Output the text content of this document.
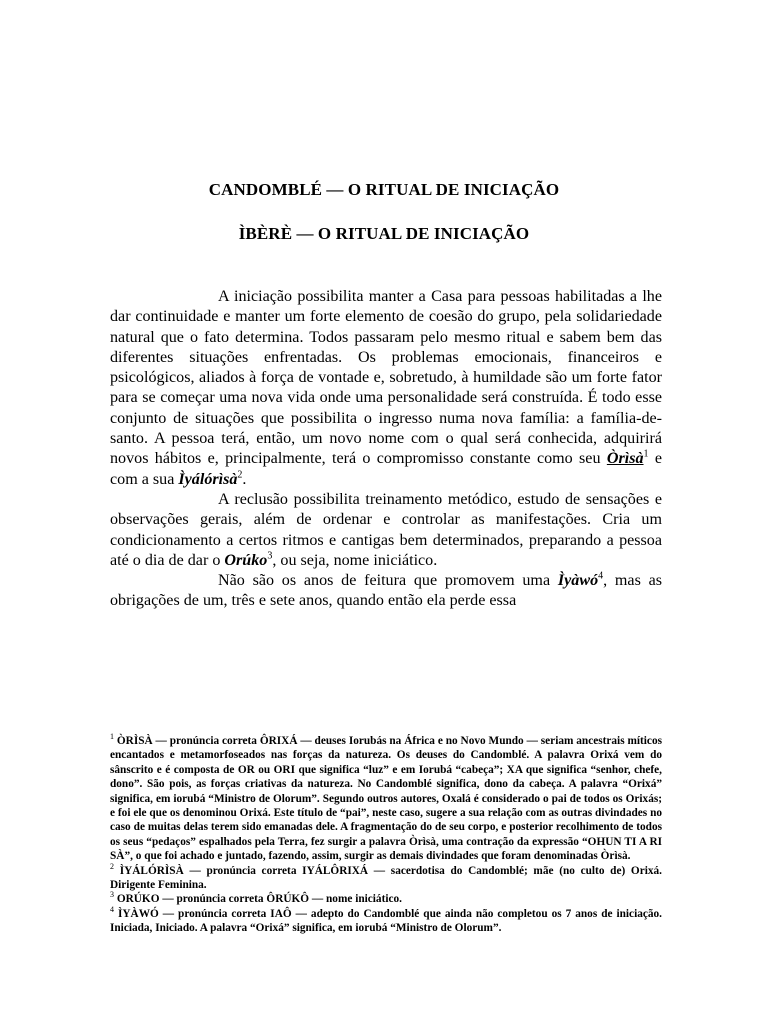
CANDOMBLÉ — O RITUAL DE INICIAÇÃO
ÌBÈRÈ — O RITUAL DE INICIAÇÃO

A iniciação possibilita manter a Casa para pessoas habilitadas a lhe dar continuidade e manter um forte elemento de coesão do grupo, pela solidariedade natural que o fato determina. Todos passaram pelo mesmo ritual e sabem bem das diferentes situações enfrentadas. Os problemas emocionais, financeiros e psicológicos, aliados à força de vontade e, sobretudo, à humildade são um forte fator para se começar uma nova vida onde uma personalidade será construída. É todo esse conjunto de situações que possibilita o ingresso numa nova família: a família-de-santo. A pessoa terá, então, um novo nome com o qual será conhecida, adquirirá novos hábitos e, principalmente, terá o compromisso constante como seu Òrìsà$^1$ e com a sua Ìyálórìsà$^2$.

A reclusão possibilita treinamento metódico, estudo de sensações e observações gerais, além de ordenar e controlar as manifestações. Cria um condicionamento a certos ritmos e cantigas bem determinados, preparando a pessoa até o dia de dar o Orúko$^3$, ou seja, nome iniciático.

Não são os anos de feitura que promovem uma Ìyàwó$^4$, mas as obrigações de um, três e sete anos, quando então ela perde essa

$^1$ ÒRÌSÀ — pronúncia correta ÔRIXÁ — deuses Iorubás na África e no Novo Mundo — seriam ancestrais míticos encantados e metamorfoseados nas forças da natureza. Os deuses do Candomblé. A palavra Orixá vem do sânscrito e é composta de OR ou ORI que significa “luz” e em Iorubá “cabeça”; XA que significa “senhor, chefe, dono”. São pois, as forças criativas da natureza. No Candomblé significa, dono da cabeça. A palavra “Orixá” significa, em iorubá “Ministro de Olorum”. Segundo outros autores, Oxalá é considerado o pai de todos os Orixás; e foi ele que os denominou Orixá. Este título de “pai”, neste caso, sugere a sua relação com as outras divindades no caso de muitas delas terem sido emanadas dele. A fragmentação do de seu corpo, e posterior recolhimento de todos os seus “pedaços” espalhados pela Terra, fez surgir a palavra Òrìsà, uma contração da expressão “OHUN TI A RI SÀ”, o que foi achado e juntado, fazendo, assim, surgir as demais divindades que foram denominadas Òrìsà.

$^2$ ÌYÁLÓRÌSÀ — pronúncia correta IYÁLÔRIXÁ — sacerdotisa do Candomblé; mãe (no culto de) Orixá. Dirigente Feminina.

$^3$ ORÚKO — pronúncia correta ÔRÚKÔ — nome iniciático.

$^4$ ÌYÀWÓ — pronúncia correta IAÔ — adepto do Candomblé que ainda não completou os 7 anos de iniciação. Iniciada, Iniciado. A palavra “Orixá” significa, em iorubá “Ministro de Olorum”.
